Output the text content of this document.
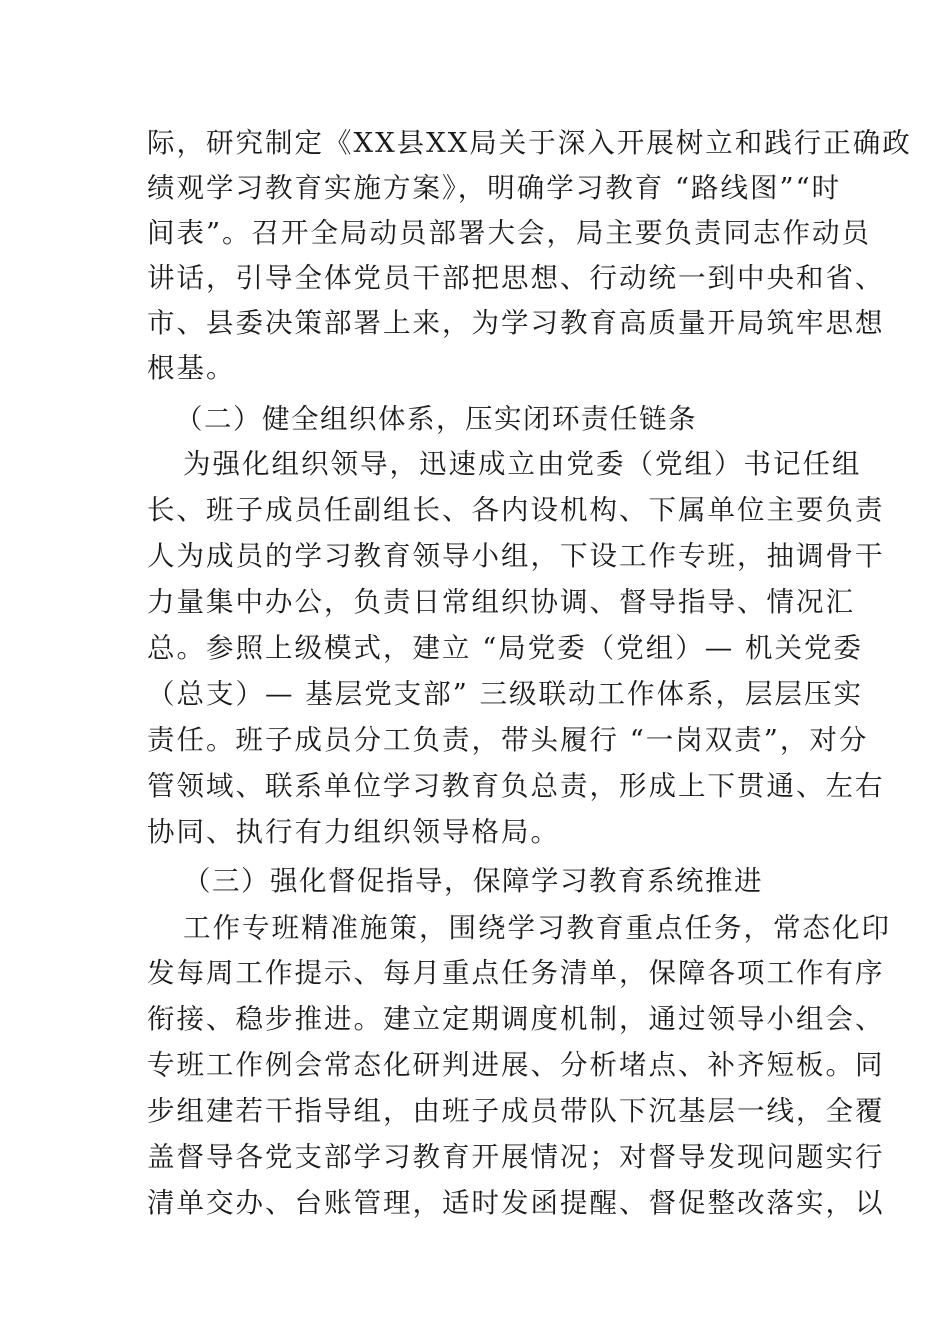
际，研究制定《XX县XX局关于深入开展树立和践行正确政
绩观学习教育实施方案》，明确学习教育 “路线图”“时
间表”。召开全局动员部署大会，局主要负责同志作动员
讲话，引导全体党员干部把思想、行动统一到中央和省、
市、县委决策部署上来，为学习教育高质量开局筑牢思想
根基。
（二）健全组织体系，压实闭环责任链条
为强化组织领导，迅速成立由党委（党组）书记任组
长、班子成员任副组长、各内设机构、下属单位主要负责
人为成员的学习教育领导小组，下设工作专班，抽调骨干
力量集中办公，负责日常组织协调、督导指导、情况汇
总。参照上级模式，建立 “局党委（党组）— 机关党委
（总支）— 基层党支部” 三级联动工作体系，层层压实
责任。班子成员分工负责，带头履行 “一岗双责”，对分
管领域、联系单位学习教育负总责，形成上下贯通、左右
协同、执行有力组织领导格局。
（三）强化督促指导，保障学习教育系统推进
工作专班精准施策，围绕学习教育重点任务，常态化印
发每周工作提示、每月重点任务清单，保障各项工作有序
衔接、稳步推进。建立定期调度机制，通过领导小组会、
专班工作例会常态化研判进展、分析堵点、补齐短板。同
步组建若干指导组，由班子成员带队下沉基层一线，全覆
盖督导各党支部学习教育开展情况；对督导发现问题实行
清单交办、台账管理，适时发函提醒、督促整改落实，以
